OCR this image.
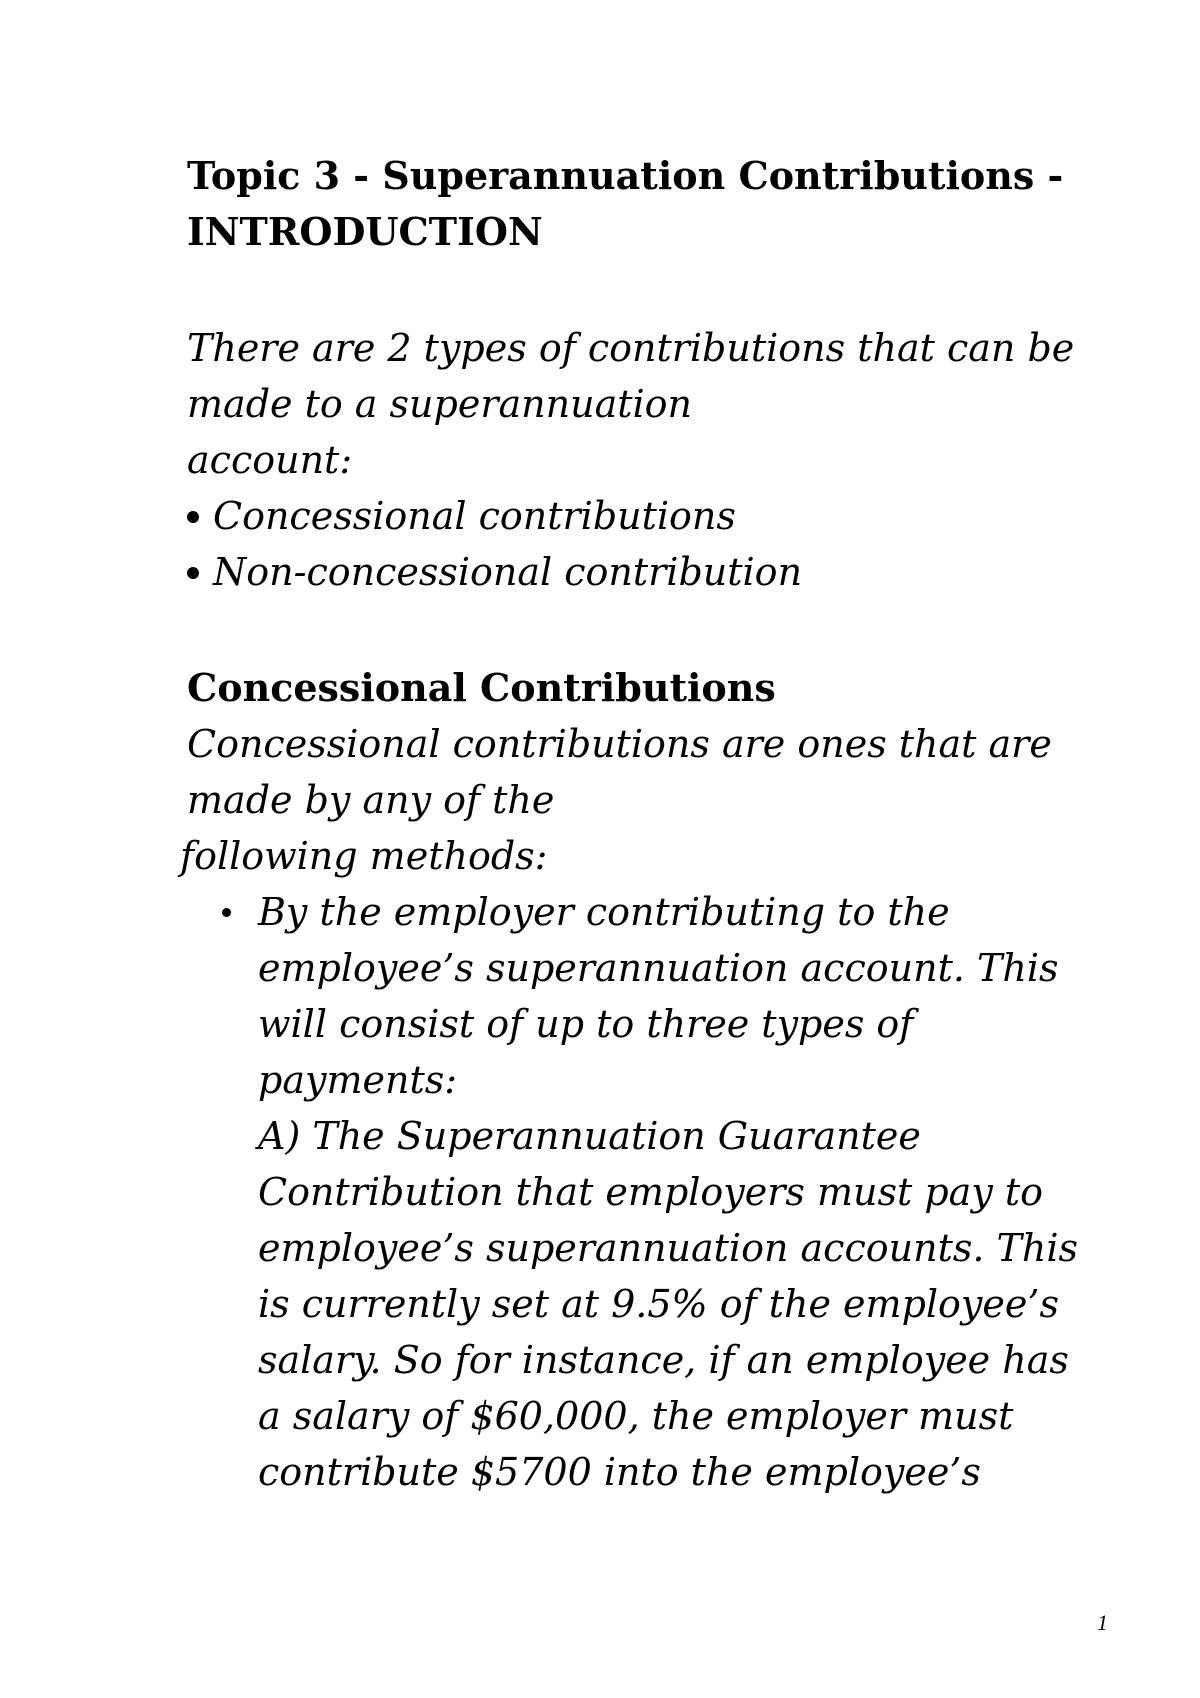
Topic 3 - Superannuation Contributions -
INTRODUCTION
There are 2 types of contributions that can be
made to a superannuation
account:
Concessional contributions
Non-concessional contribution
Concessional Contributions
Concessional contributions are ones that are
made by any of the
following methods:
By the employer contributing to the
employee’s superannuation account. This
will consist of up to three types of
payments:
A) The Superannuation Guarantee
Contribution that employers must pay to
employee’s superannuation accounts. This
is currently set at 9.5% of the employee’s
salary. So for instance, if an employee has
a salary of $60,000, the employer must
contribute $5700 into the employee’s
1
